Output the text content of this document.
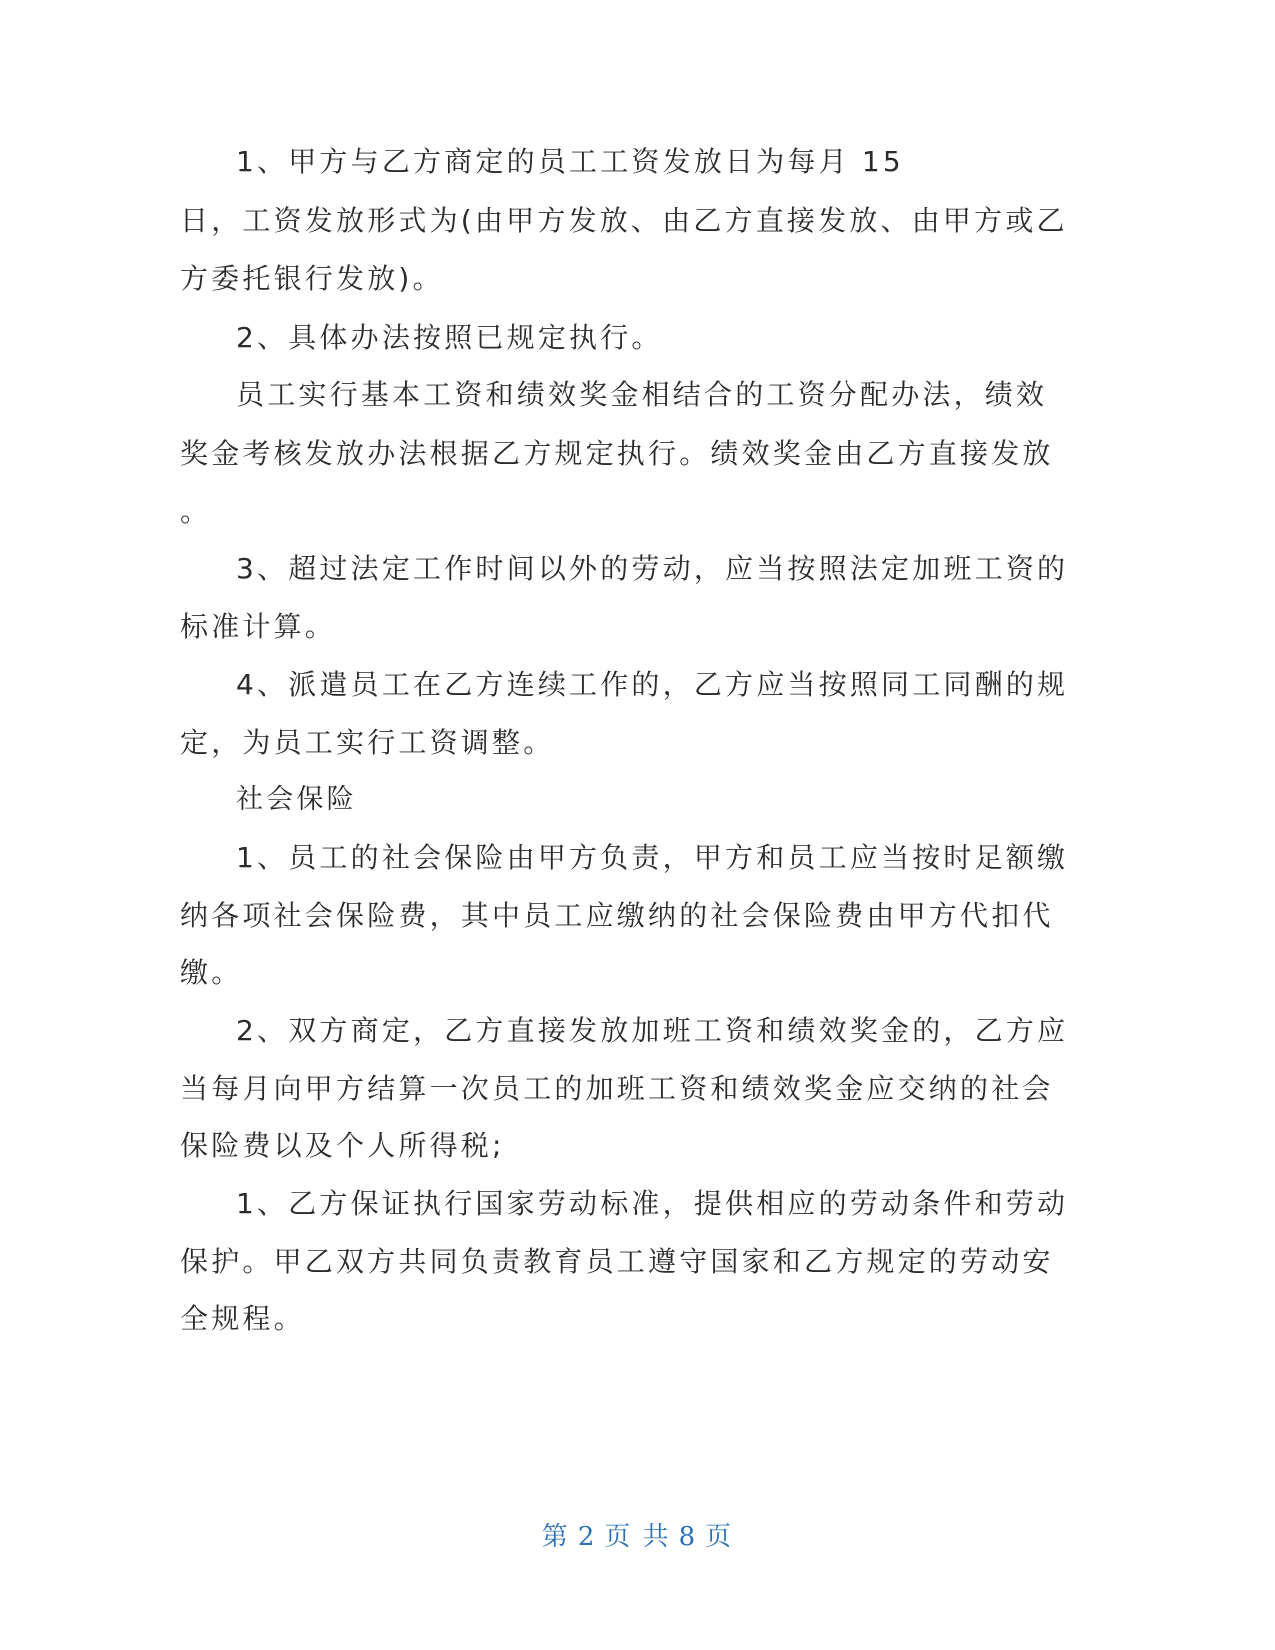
1、甲方与乙方商定的员工工资发放日为每月 15
日，工资发放形式为(由甲方发放、由乙方直接发放、由甲方或乙
方委托银行发放)。
2、具体办法按照已规定执行。
员工实行基本工资和绩效奖金相结合的工资分配办法，绩效
奖金考核发放办法根据乙方规定执行。绩效奖金由乙方直接发放
。
3、超过法定工作时间以外的劳动，应当按照法定加班工资的
标准计算。
4、派遣员工在乙方连续工作的，乙方应当按照同工同酬的规
定，为员工实行工资调整。
社会保险
1、员工的社会保险由甲方负责，甲方和员工应当按时足额缴
纳各项社会保险费，其中员工应缴纳的社会保险费由甲方代扣代
缴。
2、双方商定，乙方直接发放加班工资和绩效奖金的，乙方应
当每月向甲方结算一次员工的加班工资和绩效奖金应交纳的社会
保险费以及个人所得税;
1、乙方保证执行国家劳动标准，提供相应的劳动条件和劳动
保护。甲乙双方共同负责教育员工遵守国家和乙方规定的劳动安
全规程。
第 2 页 共 8 页
